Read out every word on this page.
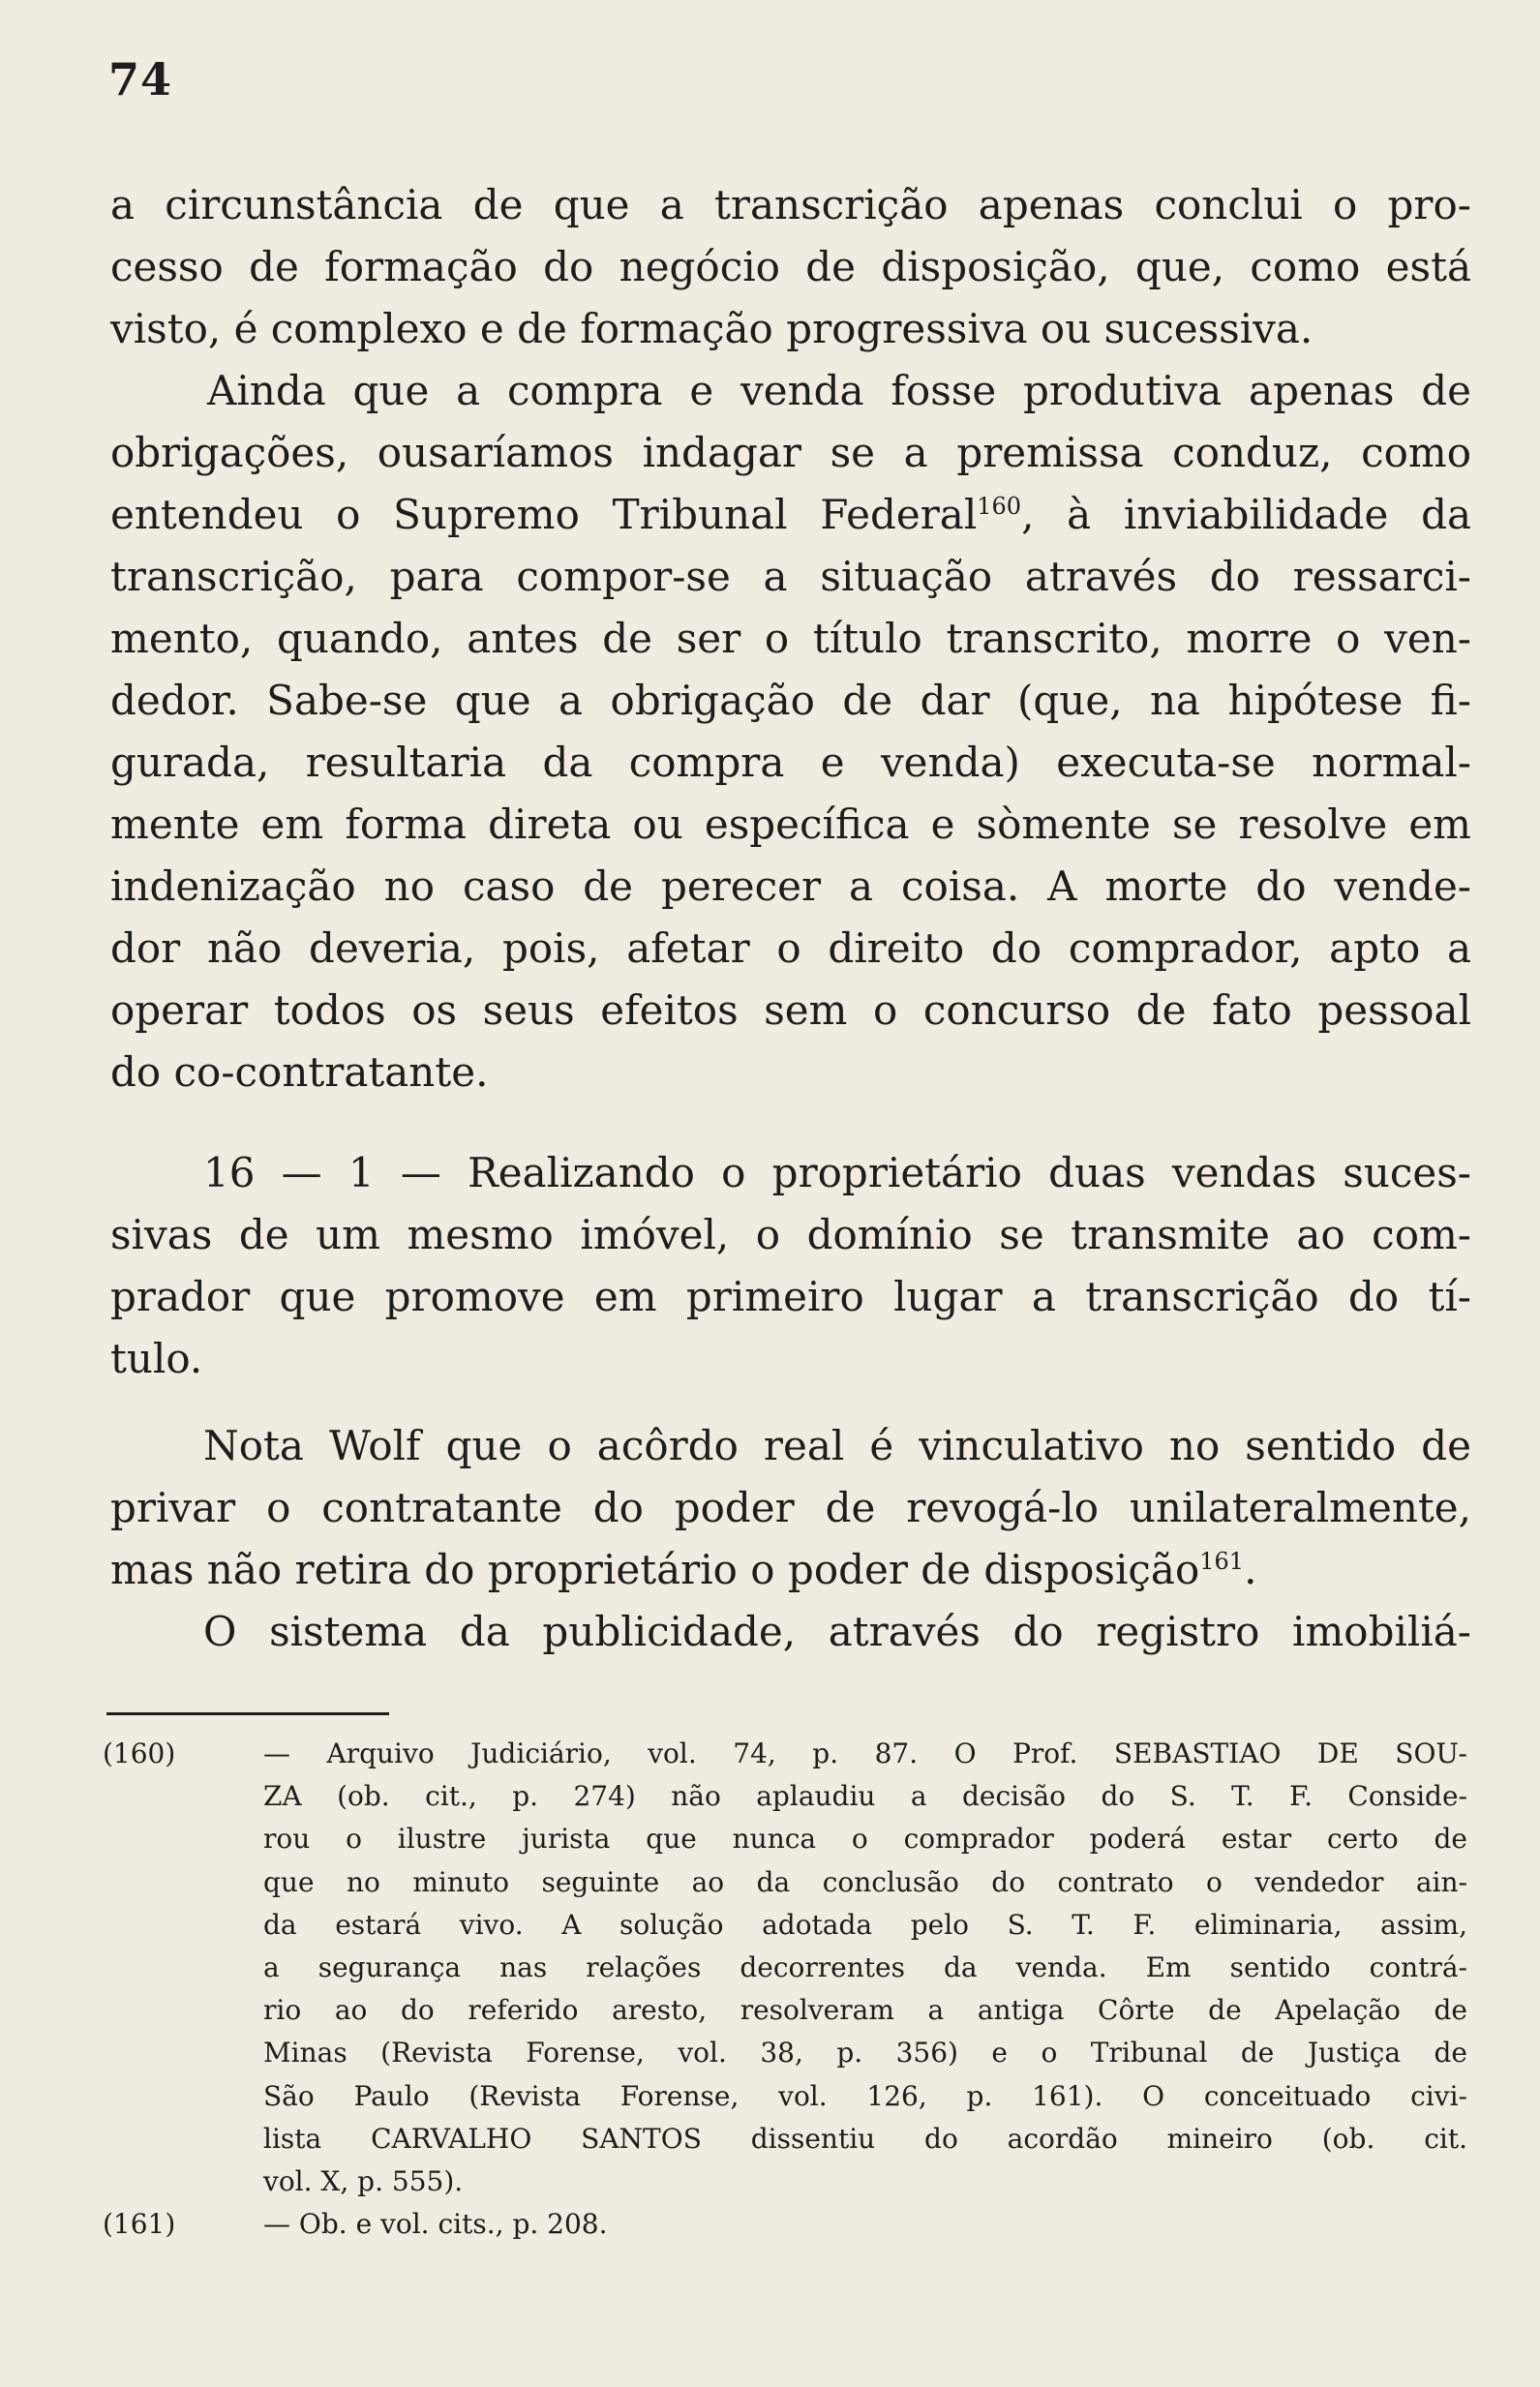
74
a circunstância de que a transcrição apenas conclui o pro-
cesso de formação do negócio de disposição, que, como está
visto, é complexo e de formação progressiva ou sucessiva.
Ainda que a compra e venda fosse produtiva apenas de
obrigações, ousaríamos indagar se a premissa conduz, como
entendeu o Supremo Tribunal Federal$^{160}$, à inviabilidade da
transcrição, para compor-se a situação através do ressarci-
mento, quando, antes de ser o título transcrito, morre o ven-
dedor. Sabe-se que a obrigação de dar (que, na hipótese fi-
gurada, resultaria da compra e venda) executa-se normal-
mente em forma direta ou específica e sòmente se resolve em
indenização no caso de perecer a coisa. A morte do vende-
dor não deveria, pois, afetar o direito do comprador, apto a
operar todos os seus efeitos sem o concurso de fato pessoal
do co-contratante.
16 — 1 — Realizando o proprietário duas vendas suces-
sivas de um mesmo imóvel, o domínio se transmite ao com-
prador que promove em primeiro lugar a transcrição do tí-
tulo.
Nota Wolf que o acôrdo real é vinculativo no sentido de
privar o contratante do poder de revogá-lo unilateralmente,
mas não retira do proprietário o poder de disposição$^{161}$.
O sistema da publicidade, através do registro imobiliá-
(160)	— Arquivo Judiciário, vol. 74, p. 87. O Prof. SEBASTIAO DE SOU-
ZA (ob. cit., p. 274) não aplaudiu a decisão do S. T. F. Conside-
rou o ilustre jurista que nunca o comprador poderá estar certo de
que no minuto seguinte ao da conclusão do contrato o vendedor ain-
da estará vivo. A solução adotada pelo S. T. F. eliminaria, assim,
a segurança nas relações decorrentes da venda. Em sentido contrá-
rio ao do referido aresto, resolveram a antiga Côrte de Apelação de
Minas (Revista Forense, vol. 38, p. 356) e o Tribunal de Justiça de
São Paulo (Revista Forense, vol. 126, p. 161). O conceituado civi-
lista CARVALHO SANTOS dissentiu do acordão mineiro (ob. cit.
vol. X, p. 555).
(161)	— Ob. e vol. cits., p. 208.
